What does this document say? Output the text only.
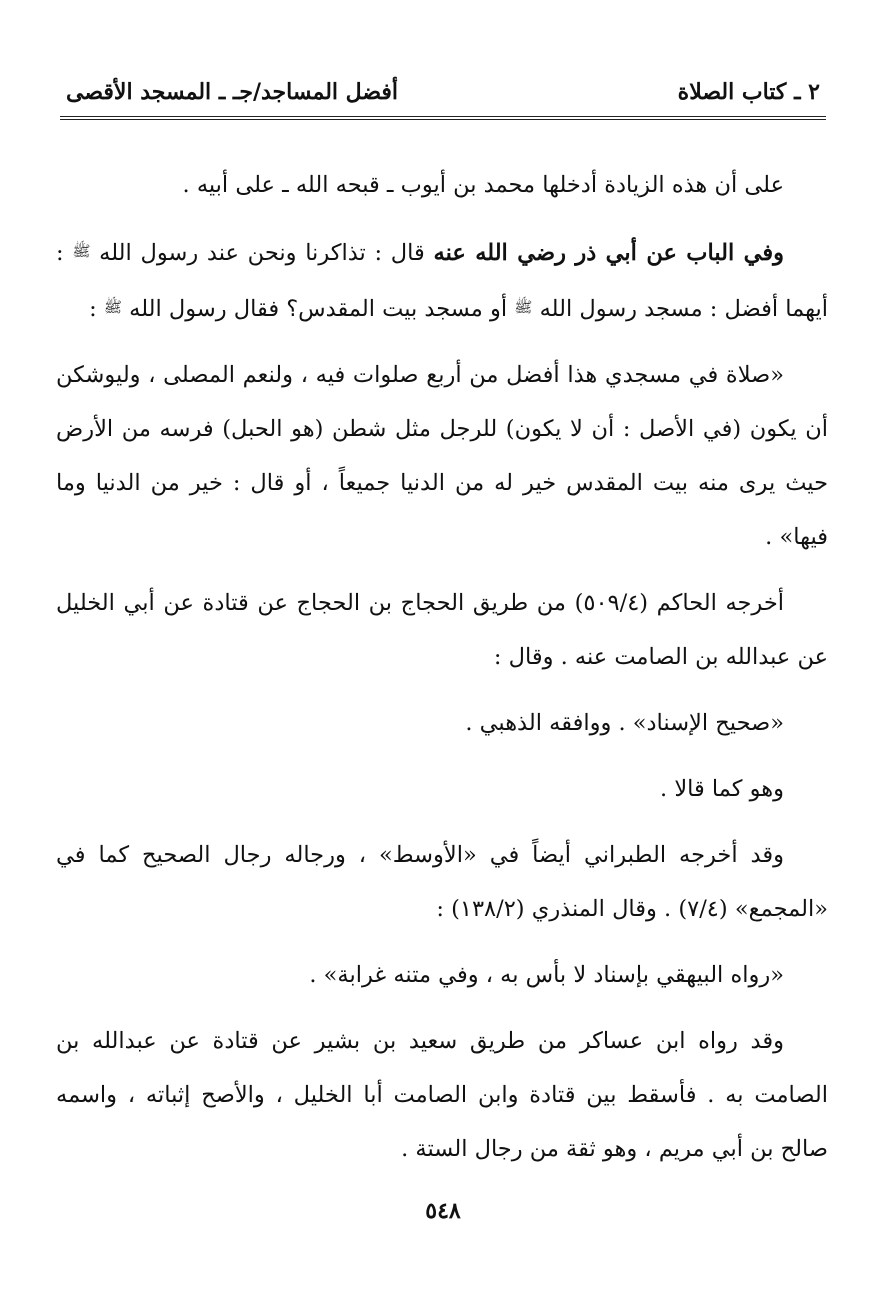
٢ ـ كتاب الصلاة
أفضل المساجد/جـ ـ المسجد الأقصى

على أن هذه الزيادة أدخلها محمد بن أيوب ـ قبحه الله ـ على أبيه .

وفي الباب عن أبي ذر رضي الله عنه قال : تذاكرنا ونحن عند رسول الله ﷺ : أيهما أفضل : مسجد رسول الله ﷺ أو مسجد بيت المقدس؟ فقال رسول الله ﷺ :

«صلاة في مسجدي هذا أفضل من أربع صلوات فيه ، ولنعم المصلى ، وليوشكن أن يكون (في الأصل : أن لا يكون) للرجل مثل شطن (هو الحبل) فرسه من الأرض حيث يرى منه بيت المقدس خير له من الدنيا جميعاً ، أو قال : خير من الدنيا وما فيها» .

أخرجه الحاكم (٥٠٩/٤) من طريق الحجاج بن الحجاج عن قتادة عن أبي الخليل عن عبدالله بن الصامت عنه . وقال :

«صحيح الإسناد» . ووافقه الذهبي .

وهو كما قالا .

وقد أخرجه الطبراني أيضاً في «الأوسط» ، ورجاله رجال الصحيح كما في «المجمع» (٧/٤) . وقال المنذري (١٣٨/٢) :

«رواه البيهقي بإسناد لا بأس به ، وفي متنه غرابة» .

وقد رواه ابن عساكر من طريق سعيد بن بشير عن قتادة عن عبدالله بن الصامت به . فأسقط بين قتادة وابن الصامت أبا الخليل ، والأصح إثباته ، واسمه صالح بن أبي مريم ، وهو ثقة من رجال الستة .

٥٤٨
